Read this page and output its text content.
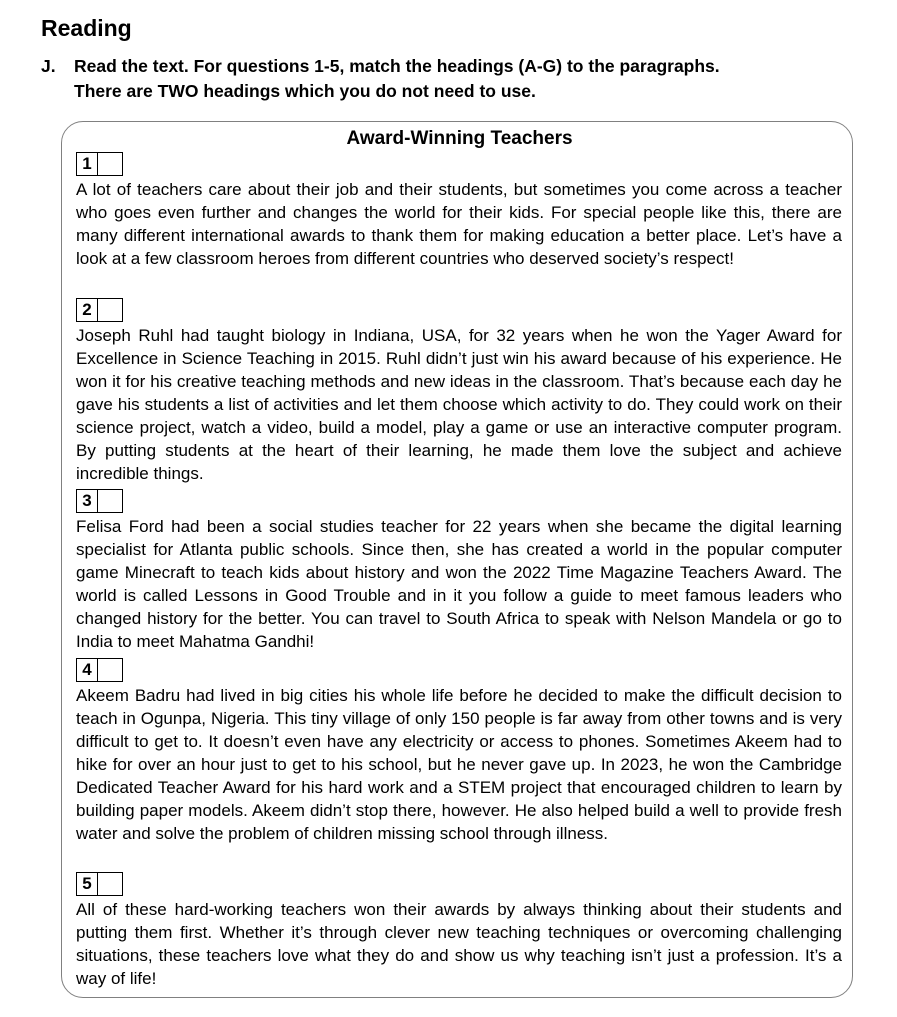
Reading
J.	Read the text. For questions 1-5, match the headings (A-G) to the paragraphs.
There are TWO headings which you do not need to use.
Award-Winning Teachers
1

A lot of teachers care about their job and their students, but sometimes you come across a teacher who goes even further and changes the world for their kids. For special people like this, there are many different international awards to thank them for making education a better place. Let’s have a look at a few classroom heroes from different countries who deserved society’s respect!

2

Joseph Ruhl had taught biology in Indiana, USA, for 32 years when he won the Yager Award for Excellence in Science Teaching in 2015. Ruhl didn’t just win his award because of his experience. He won it for his creative teaching methods and new ideas in the classroom. That’s because each day he gave his students a list of activities and let them choose which activity to do. They could work on their science project, watch a video, build a model, play a game or use an interactive computer program. By putting students at the heart of their learning, he made them love the subject and achieve incredible things.

3

Felisa Ford had been a social studies teacher for 22 years when she became the digital learning specialist for Atlanta public schools. Since then, she has created a world in the popular computer game Minecraft to teach kids about history and won the 2022 Time Magazine Teachers Award. The world is called Lessons in Good Trouble and in it you follow a guide to meet famous leaders who changed history for the better. You can travel to South Africa to speak with Nelson Mandela or go to India to meet Mahatma Gandhi!

4

Akeem Badru had lived in big cities his whole life before he decided to make the difficult decision to teach in Ogunpa, Nigeria. This tiny village of only 150 people is far away from other towns and is very difficult to get to. It doesn’t even have any electricity or access to phones. Sometimes Akeem had to hike for over an hour just to get to his school, but he never gave up. In 2023, he won the Cambridge Dedicated Teacher Award for his hard work and a STEM project that encouraged children to learn by building paper models. Akeem didn’t stop there, however. He also helped build a well to provide fresh water and solve the problem of children missing school through illness.

5

All of these hard-working teachers won their awards by always thinking about their students and putting them first. Whether it’s through clever new teaching techniques or overcoming challenging situations, these teachers love what they do and show us why teaching isn’t just a profession. It’s a way of life!
